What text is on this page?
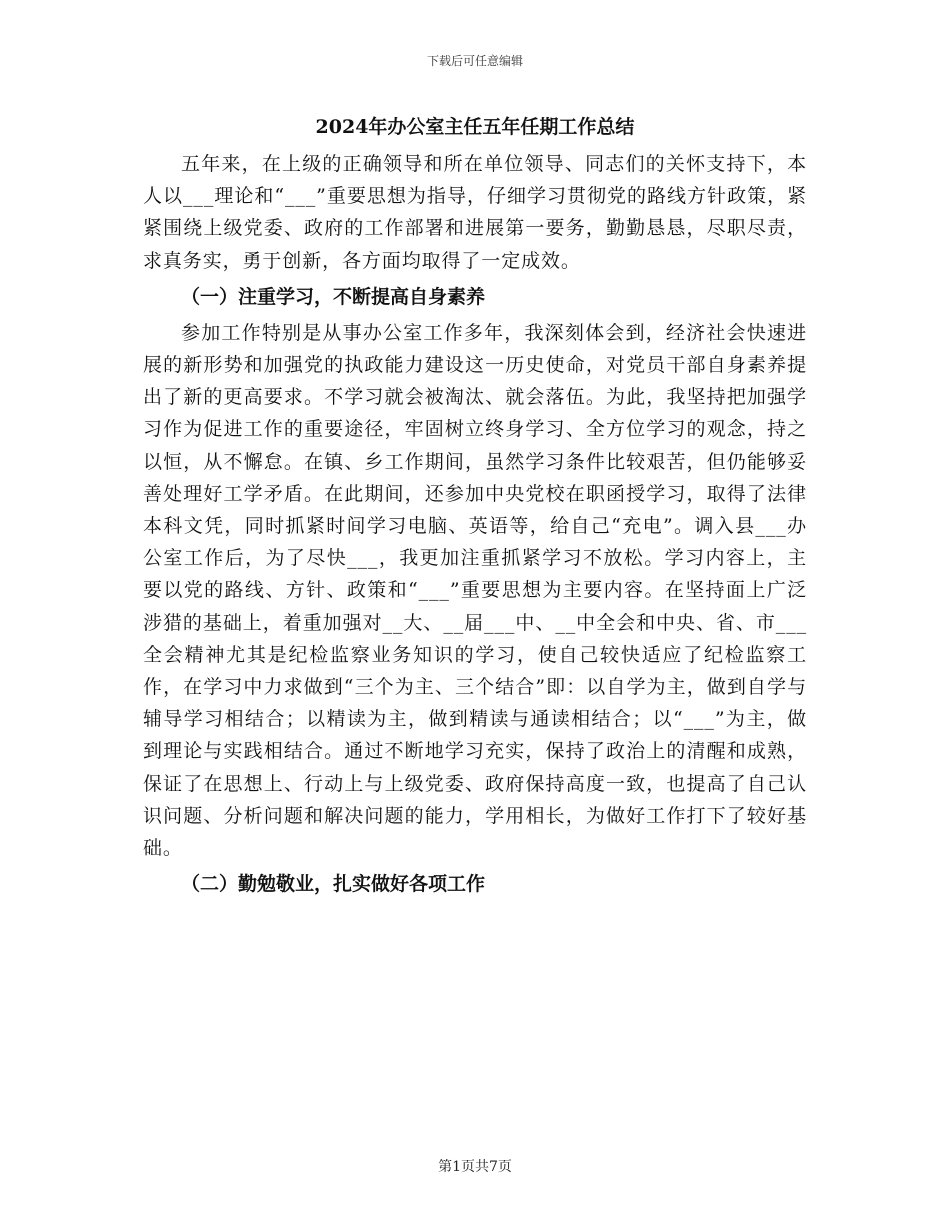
下载后可任意编辑
2024年办公室主任五年任期工作总结

五年来，在上级的正确领导和所在单位领导、同志们的关怀支持下，本人以___理论和“___”重要思想为指导，仔细学习贯彻党的路线方针政策，紧紧围绕上级党委、政府的工作部署和进展第一要务，勤勤恳恳，尽职尽责，求真务实，勇于创新，各方面均取得了一定成效。

（一）注重学习，不断提高自身素养

参加工作特别是从事办公室工作多年，我深刻体会到，经济社会快速进展的新形势和加强党的执政能力建设这一历史使命，对党员干部自身素养提出了新的更高要求。不学习就会被淘汰、就会落伍。为此，我坚持把加强学习作为促进工作的重要途径，牢固树立终身学习、全方位学习的观念，持之以恒，从不懈怠。在镇、乡工作期间，虽然学习条件比较艰苦，但仍能够妥善处理好工学矛盾。在此期间，还参加中央党校在职函授学习，取得了法律本科文凭，同时抓紧时间学习电脑、英语等，给自己“充电”。调入县___办公室工作后，为了尽快___，我更加注重抓紧学习不放松。学习内容上，主要以党的路线、方针、政策和“___”重要思想为主要内容。在坚持面上广泛涉猎的基础上，着重加强对__大、__届___中、__中全会和中央、省、市___全会精神尤其是纪检监察业务知识的学习，使自己较快适应了纪检监察工作，在学习中力求做到“三个为主、三个结合”即：以自学为主，做到自学与辅导学习相结合；以精读为主，做到精读与通读相结合；以“___”为主，做到理论与实践相结合。通过不断地学习充实，保持了政治上的清醒和成熟，保证了在思想上、行动上与上级党委、政府保持高度一致，也提高了自己认识问题、分析问题和解决问题的能力，学用相长，为做好工作打下了较好基础。

（二）勤勉敬业，扎实做好各项工作

第1页共7页
